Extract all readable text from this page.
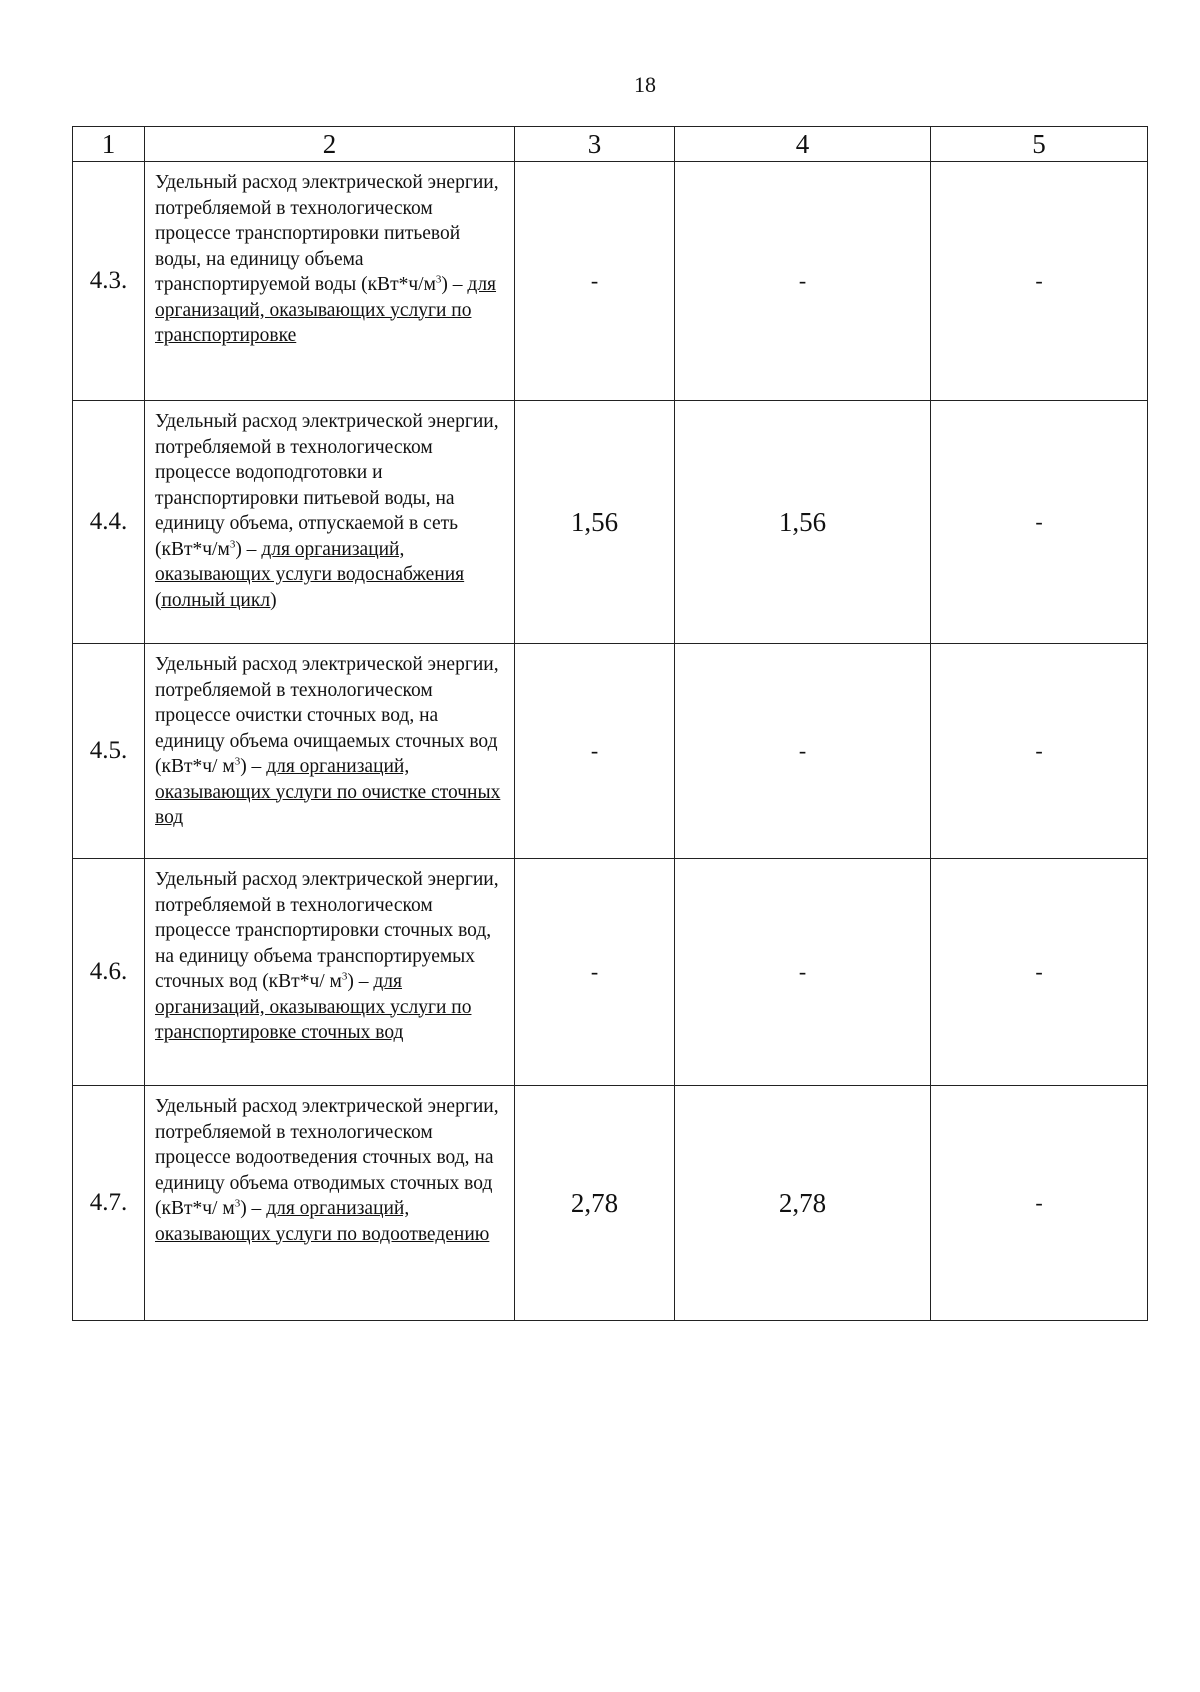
18
1	2	3	4	5
4.3.	Удельный расход электрической энергии, потребляемой в технологическом процессе транспортировки питьевой воды, на единицу объема транспортируемой воды $(кВт*ч/м^3)$ – для организаций, оказывающих услуги по транспортировке	-	-	-
4.4.	Удельный расход электрической энергии, потребляемой в технологическом процессе водоподготовки и транспортировки питьевой воды, на единицу объема, отпускаемой в сеть $(кВт*ч/м^3)$ – для организаций, оказывающих услуги водоснабжения (полный цикл)	1,56	1,56	-
4.5.	Удельный расход электрической энергии, потребляемой в технологическом процессе очистки сточных вод, на единицу объема очищаемых сточных вод (кВт*ч/ $м^3$) – для организаций, оказывающих услуги по очистке сточных вод	-	-	-
4.6.	Удельный расход электрической энергии, потребляемой в технологическом процессе транспортировки сточных вод, на единицу объема транспортируемых сточных вод (кВт*ч/ $м^3$) – для организаций, оказывающих услуги по транспортировке сточных вод	-	-	-
4.7.	Удельный расход электрической энергии, потребляемой в технологическом процессе водоотведения сточных вод, на единицу объема отводимых сточных вод (кВт*ч/ $м^3$) – для организаций, оказывающих услуги по водоотведению	2,78	2,78	-
